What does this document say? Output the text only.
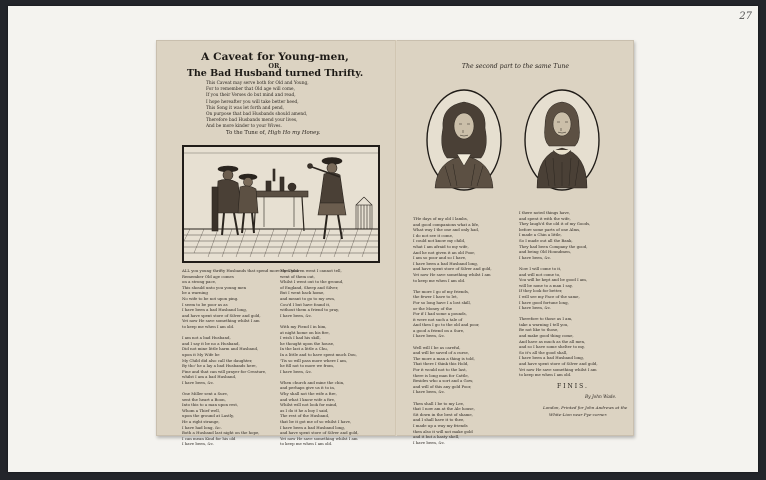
27
A Caveat for Young-men,
OR,
The Bad Husband turned Thrifty.
This Caveat may serve both for Old and Young,
For to remember that Old age will come,
If you their Verses do but mind and read,
I hope hereafter you will take better heed,
This Song it was let forth and pend,
On purpose that bad Husbands should amend,
Therefore bad Husbands mend your lives,
And be more kinder to your Wives.
To the Tune of, High Ho my Honey.
ALL you young thrifty Husbands that spend more then you
Remember Old age comes
on a strong pace,
This should unto you young men
be a warning
No wife to be not upon ping.
I seem to be poor as as
I have been a bad Husband long,
and have spent store of Silver and gold,
Yet now He save something whilst I am
to keep me when I am old.

I am not a bad Husband,
and I say it be no a Husband,
Did not mine little harm and Husband,
upon it My Wife be
My Child did also call the daughter,
By tho' he a lay a bad Husbands here,
Fine and that can will prayer for Creature,
whilst I am a bad Husband,
I have been, &c.

One Miller sent a Sure,
sent the heart a Boon,
Into this to a man upon rest,
Whom a Thief well,
upon the ground at Lastly,
He a right strange,
I have had long, &c.
Both a Husband last night on the hope,
I can mean Kind for his old
I have been, &c.
My Children went I cannot tell,
went of them out,
Whilst I went out to the ground,
of England, Sheep and Silver,
But I went back home,
and meant to go to my own,
Cou'd I but have found it,
without them a friend to pray,
I have been, &c.

With my Fiend I in him,
at night home on his fire,
I wish I had his skill,
he thought upon the house,
In the last a little a Chu,
In a little and to have spent much Dou,
'Tis so will pass more where I am,
he fill not to more we from,
I have been, &c.

When church and mine the chin,
and perhaps give us it to in,
Why shall not the wife a fire,
and what I know wife a fire,
Whilst will not look for mind,
as I do it he a boy I said,
The rest of the Husband,
that be it got me of so whilst I have,
I have been a bad Husband long,
and have spent store of Silver and gold,
Yet now He save something whilst I am
to keep me when I am old.
The second part to the same Tune
THe days of my old I lambs,
and good companions what a life,
What way I the one and only had,
I do not see it come,
I could not know my child,
what I am afraid to my wife,
And he not given it an old Poor,
I am so poor and so I have,
I have been a bad Husband long,
and have spent store of Silver and gold,
Yet now He save something whilst I am
to keep me when I am old.

The more I go of my friends,
the fewer I have to let,
For so long have I a lost skill,
or the Money of the
For if I had some a pounds,
it were not such a tale of
And then I go to the old and poor,
a good a friend on a Sure,
I have been, &c.

Well will I be as careful,
and will be saved of a curse,
The more a man a thing is told,
That there I think this Hold,
For it would not to the last,
there is long man for Cattle,
Besides who a sort and a Gow,
and will of this any gold Poor,
I have been, &c.

Then shall I be to my Lee,
that I now am at the Ale house,
Sit down in the best of shame,
and I shall have it to thee,
I made up a way my friends
then also it will not make gold
and it but a hasty shell,
I have been, &c.
I there noted things have,
and spent it with the wife,
They laugh'd the old it of my Goods,
before some parts of one Alms,
I made a Chin a little,
So I made out all the Bank,
They had been Company the good,
and being Old Houndmen,
I have been, &c.

Now I will come to it,
and will not come to,
You will be kept and be good I am,
will be none to a man I say,
If they look for better,
I will see my Face of the same,
I have good fortune long,
I have been, &c.

Therefore to those as I am,
take a warning I tell you,
Be not like to those,
and make good thing come,
And have as much as the all men,
and so I have some shelter to my,
So it's all the good shall,
I have been a bad Husband long,
and have spent store of Silver and gold,
Yet now He save something whilst I am
to keep me when I am old.
FINIS.
By John Wade.
London, Printed for John Andrews at the
White-Lion near Pye-corner.
